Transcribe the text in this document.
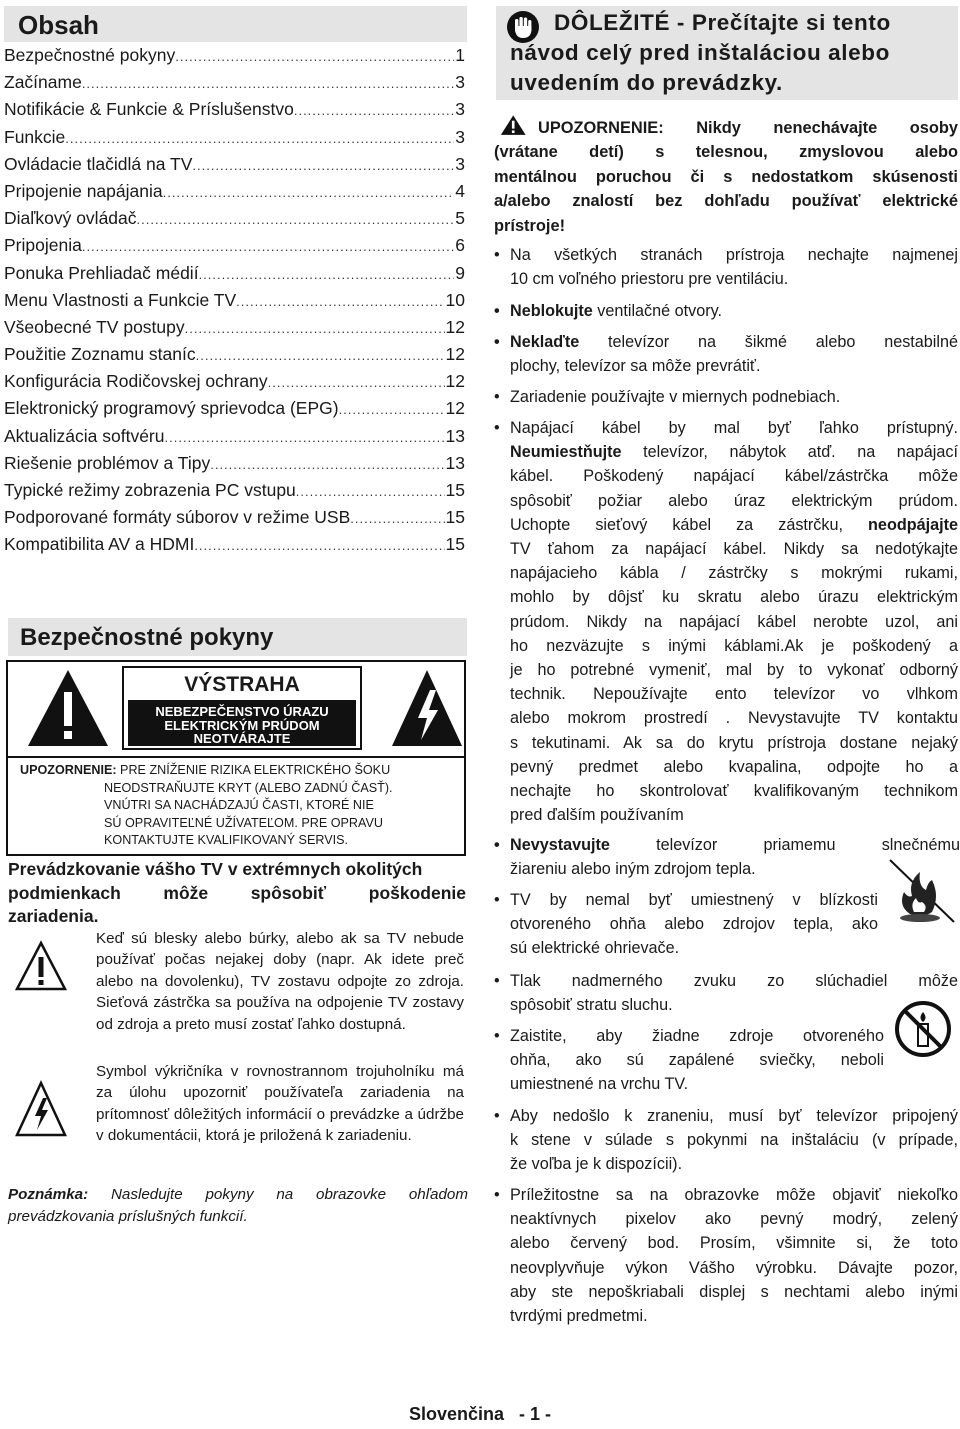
Obsah
Bezpečnostné pokyny .....	1
Začíname .....	3
Notifikácie & Funkcie & Príslušenstvo .....	3
Funkcie .....	3
Ovládacie tlačidlá na TV .....	3
Pripojenie napájania .....	4
Diaľkový ovládač .....	5
Pripojenia .....	6
Ponuka Prehliadač médií .....	9
Menu Vlastnosti a Funkcie TV .....	10
Všeobecné TV postupy .....	12
Použitie Zoznamu staníc .....	12
Konfigurácia Rodičovskej ochrany .....	12
Elektronický programový sprievodca (EPG) .....	12
Aktualizácia softvéru .....	13
Riešenie problémov a Tipy .....	13
Typické režimy zobrazenia PC vstupu .....	15
Podporované formáty súborov v režime USB .....	15
Kompatibilita AV a HDMI .....	15
Bezpečnostné pokyny
VÝSTRAHA
NEBEZPEČENSTVO ÚRAZU
ELEKTRICKÝM PRÚDOM
NEOTVÁRAJTE
UPOZORNENIE: PRE ZNÍŽENIE RIZIKA ELEKTRICKÉHO ŠOKU
NEODSTRAŇUJTE KRYT (ALEBO ZADNÚ ČASŤ).
VNÚTRI SA NACHÁDZAJÚ ČASTI, KTORÉ NIE
SÚ OPRAVITEĽNÉ UŽÍVATEĽOM. PRE OPRAVU
KONTAKTUJTE KVALIFIKOVANÝ SERVIS.
Prevádzkovanie vášho TV v extrémnych okolitých
podmienkach môže spôsobiť poškodenie
zariadenia.
Keď sú blesky alebo búrky, alebo ak sa TV nebude používať počas nejakej doby (napr. Ak idete preč alebo na dovolenku), TV zostavu odpojte zo zdroja. Sieťová zástrčka sa používa na odpojenie TV zostavy od zdroja a preto musí zostať ľahko dostupná.
Symbol výkričníka v rovnostrannom trojuholníku má za úlohu upozorniť používateľa zariadenia na prítomnosť dôležitých informácií o prevádzke a údržbe v dokumentácii, ktorá je priložená k zariadeniu.
Poznámka: Nasledujte pokyny na obrazovke ohľadom prevádzkovania príslušných funkcií.
DÔLEŽITÉ - Prečítajte si tento
návod celý pred inštaláciou alebo
uvedením do prevádzky.
UPOZORNENIE: Nikdy nenechávajte osoby
(vrátane detí) s telesnou, zmyslovou alebo
mentálnou poruchou či s nedostatkom skúsenosti
a/alebo znalostí bez dohľadu používať elektrické
prístroje!
• Na všetkých stranách prístroja nechajte najmenej
10 cm voľného priestoru pre ventiláciu.
• Neblokujte ventilačné otvory.
• Neklaďte televízor na šikmé alebo nestabilné
plochy, televízor sa môže prevrátiť.
• Zariadenie používajte v miernych podnebiach.
• Napájací kábel by mal byť ľahko prístupný.
Neumiestňujte televízor, nábytok atď. na napájací
kábel. Poškodený napájací kábel/zástrčka môže
spôsobiť požiar alebo úraz elektrickým prúdom.
Uchopte sieťový kábel za zástrčku, neodpájajte
TV ťahom za napájací kábel. Nikdy sa nedotýkajte
napájacieho kábla / zástrčky s mokrými rukami,
mohlo by dôjsť ku skratu alebo úrazu elektrickým
prúdom. Nikdy na napájací kábel nerobte uzol, ani
ho nezväzujte s inými káblami.Ak je poškodený a
je ho potrebné vymeniť, mal by to vykonať odborný
technik. Nepoužívajte ento televízor vo vlhkom
alebo mokrom prostredí . Nevystavujte TV kontaktu
s tekutinami. Ak sa do krytu prístroja dostane nejaký
pevný predmet alebo kvapalina, odpojte ho a
nechajte ho skontrolovať kvalifikovaným technikom
pred ďalším používaním
• Nevystavujte televízor priamemu slnečnému
žiareniu alebo iným zdrojom tepla.
• TV by nemal byť umiestnený v blízkosti
otvoreného ohňa alebo zdrojov tepla, ako
sú elektrické ohrievače.
• Tlak nadmerného zvuku zo slúchadiel môže
spôsobiť stratu sluchu.
• Zaistite, aby žiadne zdroje otvoreného
ohňa, ako sú zapálené sviečky, neboli
umiestnené na vrchu TV.
• Aby nedošlo k zraneniu, musí byť televízor pripojený
k stene v súlade s pokynmi na inštaláciu (v prípade,
že voľba je k dispozícii).
• Príležitostne sa na obrazovke môže objaviť niekoľko
neaktívnych pixelov ako pevný modrý, zelený
alebo červený bod. Prosím, všimnite si, že toto
neovplyvňuje výkon Vášho výrobku. Dávajte pozor,
aby ste nepoškriabali displej s nechtami alebo inými
tvrdými predmetmi.
Slovenčina   - 1 -
